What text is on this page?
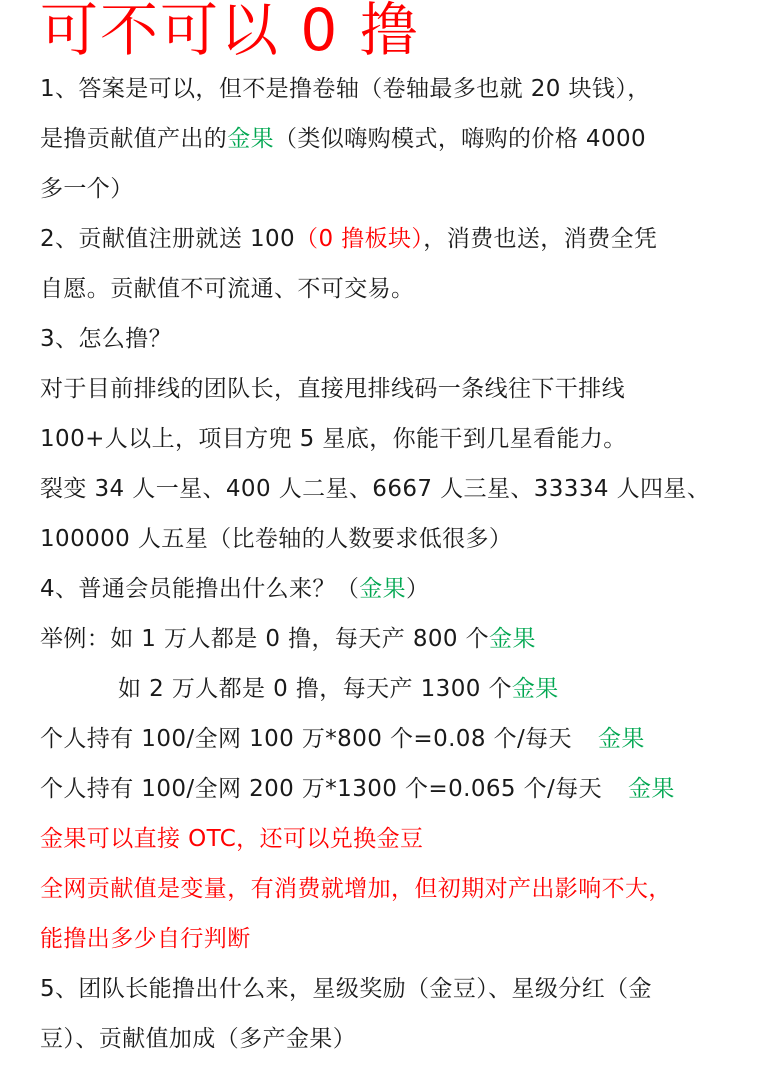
可不可以 0 撸
1、答案是可以，但不是撸卷轴（卷轴最多也就 20 块钱），
是撸贡献值产出的金果（类似嗨购模式，嗨购的价格 4000
多一个）
2、贡献值注册就送 100（0 撸板块），消费也送，消费全凭
自愿。贡献值不可流通、不可交易。
3、怎么撸？
对于目前排线的团队长，直接甩排线码一条线往下干排线
100+人以上，项目方兜 5 星底，你能干到几星看能力。
裂变 34 人一星、400 人二星、6667 人三星、33334 人四星、
100000 人五星（比卷轴的人数要求低很多）
4、普通会员能撸出什么来？（金果）
举例：如 1 万人都是 0 撸，每天产 800 个金果
如 2 万人都是 0 撸，每天产 1300 个金果
个人持有 100/全网 100 万*800 个=0.08 个/每天 金果
个人持有 100/全网 200 万*1300 个=0.065 个/每天 金果
金果可以直接 OTC，还可以兑换金豆
全网贡献值是变量，有消费就增加，但初期对产出影响不大，
能撸出多少自行判断
5、团队长能撸出什么来，星级奖励（金豆）、星级分红（金
豆）、贡献值加成（多产金果）
